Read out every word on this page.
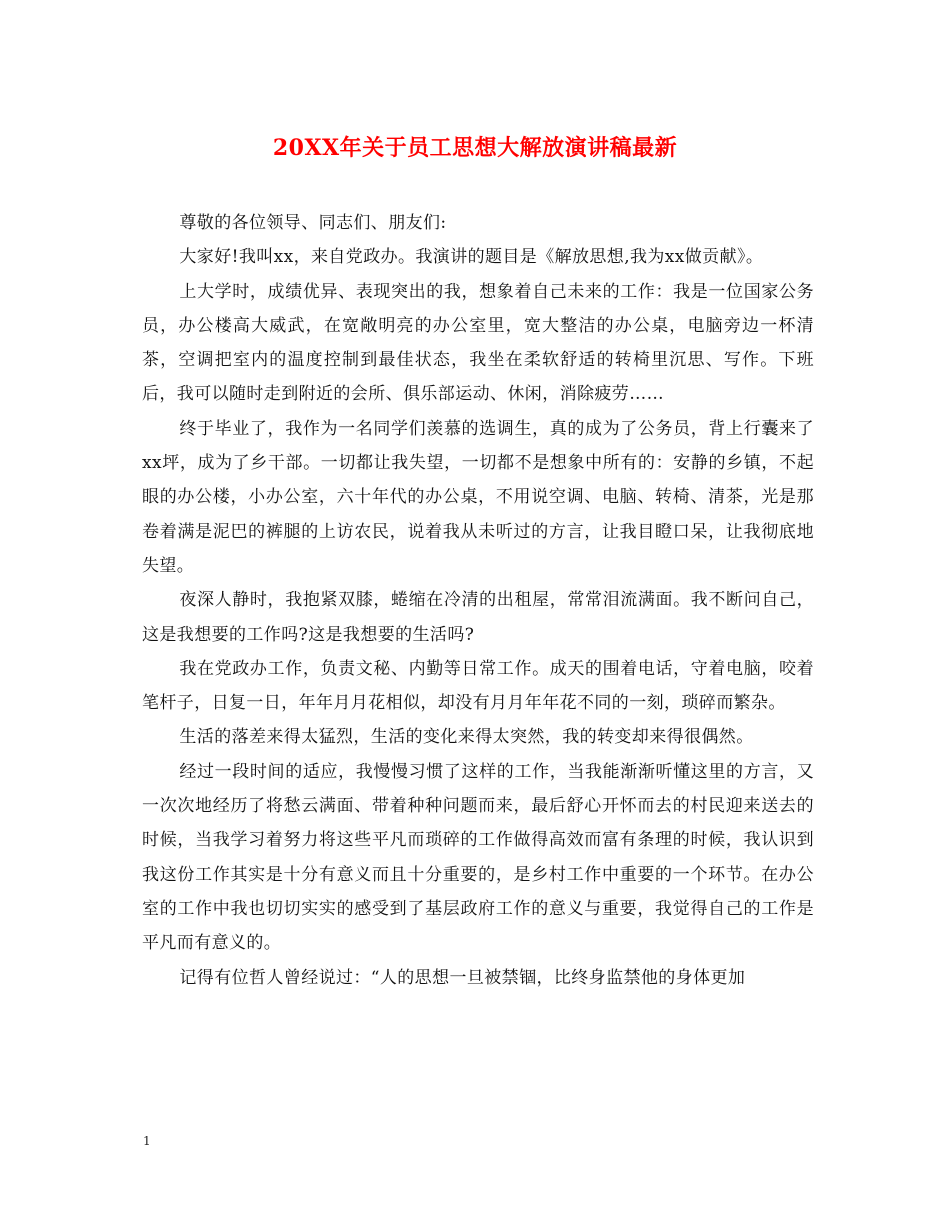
20XX年关于员工思想大解放演讲稿最新

尊敬的各位领导、同志们、朋友们:

大家好!我叫xx，来自党政办。我演讲的题目是《解放思想,我为xx做贡献》。

上大学时，成绩优异、表现突出的我，想象着自己未来的工作：我是一位国家公务员，办公楼高大威武，在宽敞明亮的办公室里，宽大整洁的办公桌，电脑旁边一杯清茶，空调把室内的温度控制到最佳状态，我坐在柔软舒适的转椅里沉思、写作。下班后，我可以随时走到附近的会所、俱乐部运动、休闲，消除疲劳……

终于毕业了，我作为一名同学们羡慕的选调生，真的成为了公务员，背上行囊来了xx坪，成为了乡干部。一切都让我失望，一切都不是想象中所有的：安静的乡镇，不起眼的办公楼，小办公室，六十年代的办公桌，不用说空调、电脑、转椅、清茶，光是那卷着满是泥巴的裤腿的上访农民，说着我从未听过的方言，让我目瞪口呆，让我彻底地失望。

夜深人静时，我抱紧双膝，蜷缩在冷清的出租屋，常常泪流满面。我不断问自己，这是我想要的工作吗?这是我想要的生活吗?

我在党政办工作，负责文秘、内勤等日常工作。成天的围着电话，守着电脑，咬着笔杆子，日复一日，年年月月花相似，却没有月月年年花不同的一刻，琐碎而繁杂。

生活的落差来得太猛烈，生活的变化来得太突然，我的转变却来得很偶然。

经过一段时间的适应，我慢慢习惯了这样的工作，当我能渐渐听懂这里的方言，又一次次地经历了将愁云满面、带着种种问题而来，最后舒心开怀而去的村民迎来送去的时候，当我学习着努力将这些平凡而琐碎的工作做得高效而富有条理的时候，我认识到我这份工作其实是十分有意义而且十分重要的，是乡村工作中重要的一个环节。在办公室的工作中我也切切实实的感受到了基层政府工作的意义与重要，我觉得自己的工作是平凡而有意义的。

记得有位哲人曾经说过：“人的思想一旦被禁锢，比终身监禁他的身体更加

1
